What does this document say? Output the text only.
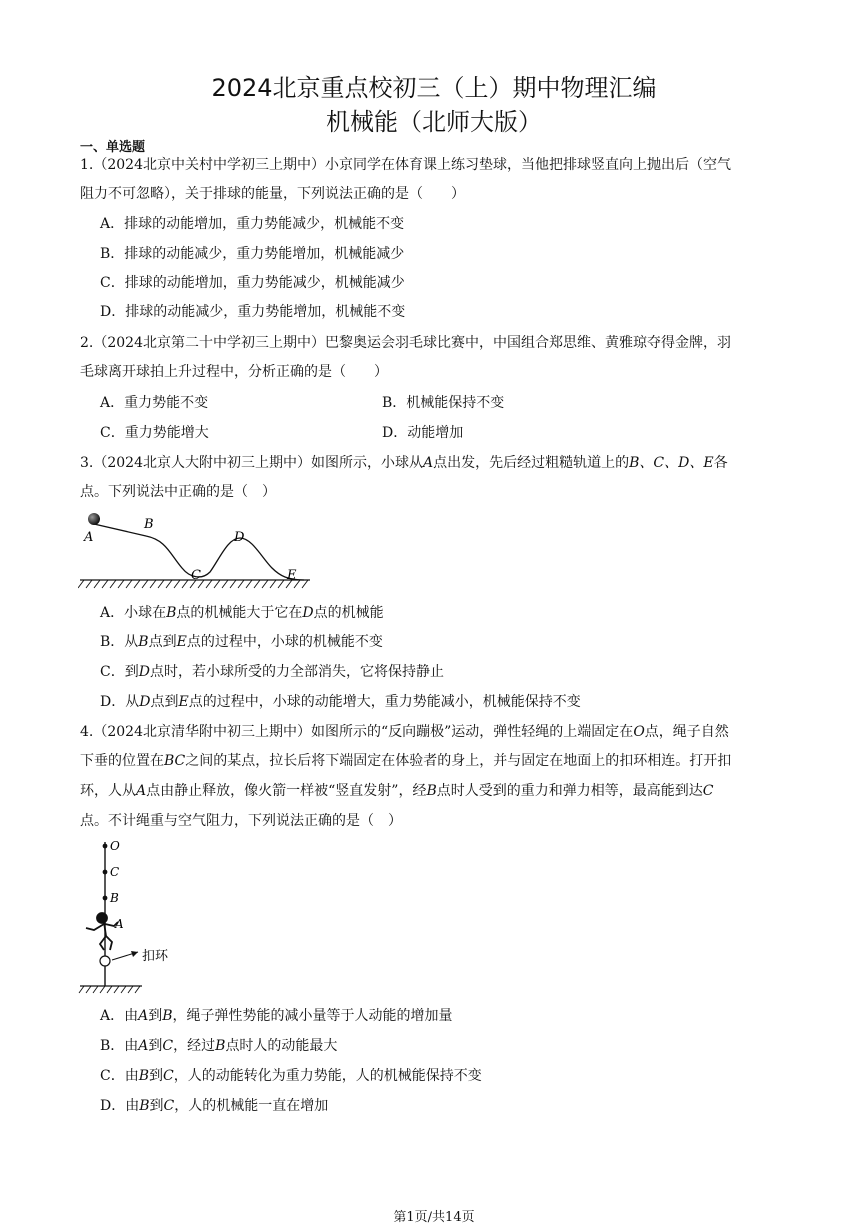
2024北京重点校初三（上）期中物理汇编
机械能（北师大版）
一、单选题
1.（2024北京中关村中学初三上期中）小京同学在体育课上练习垫球，当他把排球竖直向上抛出后（空气
阻力不可忽略），关于排球的能量，下列说法正确的是（　　）
A．排球的动能增加，重力势能减少，机械能不变
B．排球的动能减少，重力势能增加，机械能减少
C．排球的动能增加，重力势能减少，机械能减少
D．排球的动能减少，重力势能增加，机械能不变
2.（2024北京第二十中学初三上期中）巴黎奥运会羽毛球比赛中，中国组合郑思维、黄雅琼夺得金牌，羽
毛球离开球拍上升过程中，分析正确的是（　　）
A．重力势能不变	B．机械能保持不变
C．重力势能增大	D．动能增加
3.（2024北京人大附中初三上期中）如图所示，小球从A点出发，先后经过粗糙轨道上的B、C、D、E各
点。下列说法中正确的是（　）
A
B
C
D
E
A．小球在B点的机械能大于它在D点的机械能
B．从B点到E点的过程中，小球的机械能不变
C．到D点时，若小球所受的力全部消失，它将保持静止
D．从D点到E点的过程中，小球的动能增大，重力势能减小，机械能保持不变
4.（2024北京清华附中初三上期中）如图所示的“反向蹦极”运动，弹性轻绳的上端固定在O点，绳子自然
下垂的位置在BC之间的某点，拉长后将下端固定在体验者的身上，并与固定在地面上的扣环相连。打开扣
环，人从A点由静止释放，像火箭一样被“竖直发射”，经B点时人受到的重力和弹力相等，最高能到达C
点。不计绳重与空气阻力，下列说法正确的是（　）
O
C
B
A
扣环
A．由A到B，绳子弹性势能的减小量等于人动能的增加量
B．由A到C，经过B点时人的动能最大
C．由B到C，人的动能转化为重力势能，人的机械能保持不变
D．由B到C，人的机械能一直在增加
第1页/共14页
